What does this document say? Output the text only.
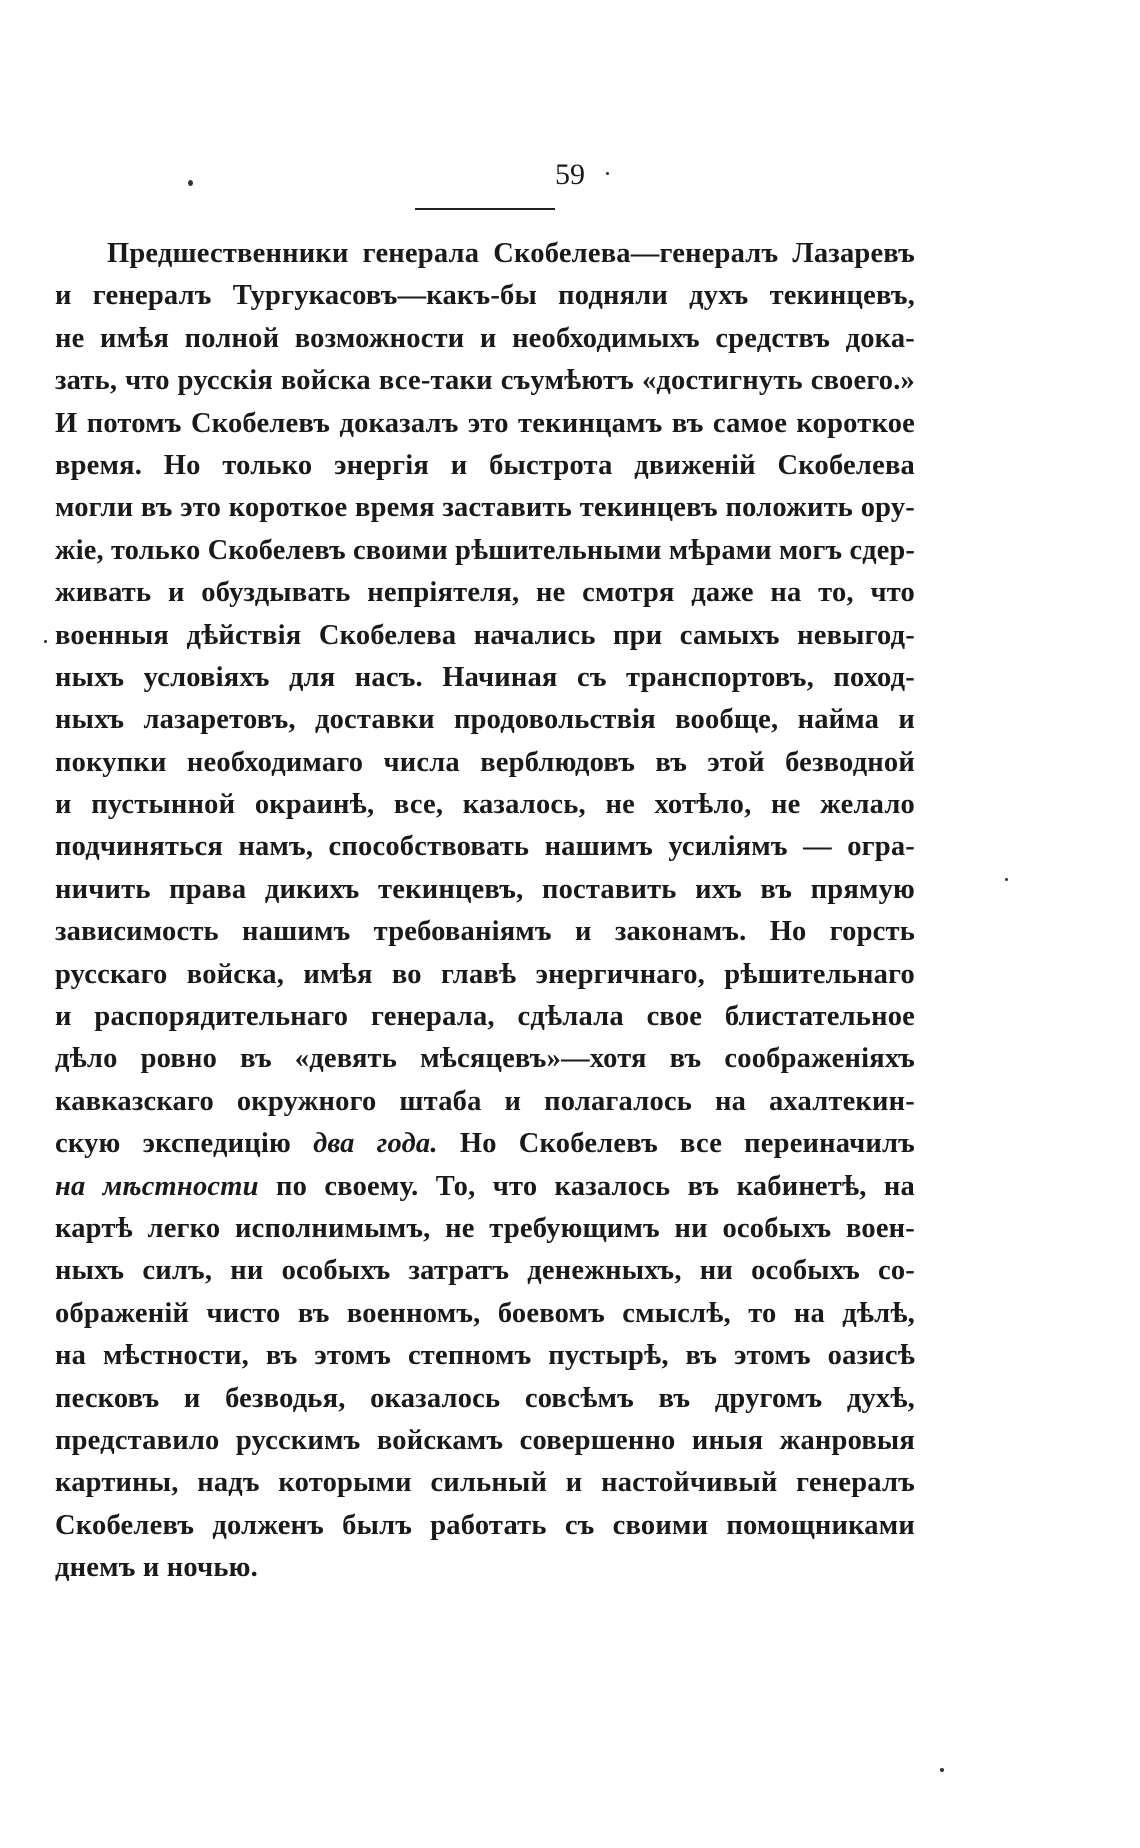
59
Предшественники генерала Скобелева—генералъ Лазаревъ
и генералъ Тургукасовъ—какъ-бы подняли духъ текинцевъ,
не имѣя полной возможности и необходимыхъ средствъ дока-
зать, что русскія войска все-таки съумѣютъ «достигнуть своего.»
И потомъ Скобелевъ доказалъ это текинцамъ въ самое короткое
время. Но только энергія и быстрота движеній Скобелева
могли въ это короткое время заставить текинцевъ положить ору-
жіе, только Скобелевъ своими рѣшительными мѣрами могъ сдер-
живать и обуздывать непріятеля, не смотря даже на то, что
военныя дѣйствія Скобелева начались при самыхъ невыгод-
ныхъ условіяхъ для насъ. Начиная съ транспортовъ, поход-
ныхъ лазаретовъ, доставки продовольствія вообще, найма и
покупки необходимаго числа верблюдовъ въ этой безводной
и пустынной окраинѣ, все, казалось, не хотѣло, не желало
подчиняться намъ, способствовать нашимъ усиліямъ — огра-
ничить права дикихъ текинцевъ, поставить ихъ въ прямую
зависимость нашимъ требованіямъ и законамъ. Но горсть
русскаго войска, имѣя во главѣ энергичнаго, рѣшительнаго
и распорядительнаго генерала, сдѣлала свое блистательное
дѣло ровно въ «девять мѣсяцевъ»—хотя въ соображеніяхъ
кавказскаго окружного штаба и полагалось на ахалтекин-
скую экспедицію два года. Но Скобелевъ все переиначилъ
на мѣстности по своему. То, что казалось въ кабинетѣ, на
картѣ легко исполнимымъ, не требующимъ ни особыхъ воен-
ныхъ силъ, ни особыхъ затратъ денежныхъ, ни особыхъ со-
ображеній чисто въ военномъ, боевомъ смыслѣ, то на дѣлѣ,
на мѣстности, въ этомъ степномъ пустырѣ, въ этомъ оазисѣ
песковъ и безводья, оказалось совсѣмъ въ другомъ духѣ,
представило русскимъ войскамъ совершенно иныя жанровыя
картины, надъ которыми сильный и настойчивый генералъ
Скобелевъ долженъ былъ работать съ своими помощниками
днемъ и ночью.
